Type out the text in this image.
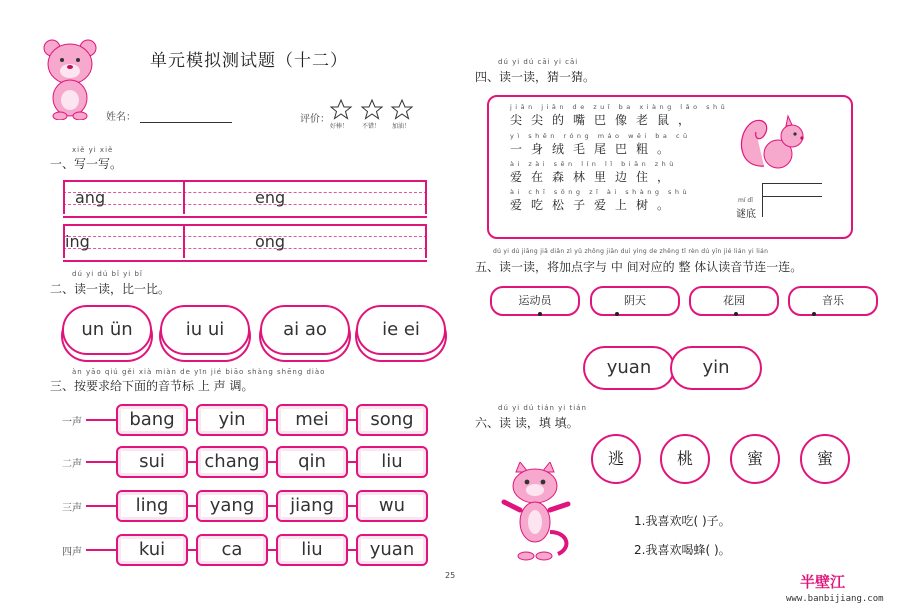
单元模拟测试题（十二）
姓名：	评价：
好棒！ 不错！ 加油！
xiě yi xiě
一、写一写。
ang	eng
ing	ong
dú yi dú bǐ yi bǐ
二、读一读，比一比。
un ün	iu ui	ai ao	ie ei
àn yāo qiú gěi xià miàn de yīn jié biāo shàng shēng diào
三、按要求给下面的音节标 上 声 调。
一声	bang	yin	mei	song
二声	sui	chang	qin	liu
三声	ling	yang	jiang	wu
四声	kui	ca	liu	yuan
dú yi dú cāi yi cāi
四、读一读，猜一猜。
jiān jiān de zuǐ ba xiàng lǎo shǔ
尖尖的嘴巴像老鼠，
yì shēn róng máo wěi ba cū
一身绒毛尾巴粗。
ài zài sēn lín lǐ biān zhù
爱在森林里边住，
ài chī sōng zǐ ài shàng shù
爱吃松子爱上树。	mí dǐ
谜底
dú yi dú jiāng jiā diǎn zì yǔ zhōng jiān duì yìng de zhěng tǐ rèn dú yīn jié lián yi lián
五、读一读，将加点字与 中 间对应的 整 体认读音节连一连。
运动员	阴天	花园	音乐
yuan	yin
dú yi dú tián yi tián
六、读 读，填 填。
逃	桃	蜜	蜜
1.我喜欢吃( )子。
2.我喜欢喝蜂( )。
25	半壁江
www.banbijiang.com
